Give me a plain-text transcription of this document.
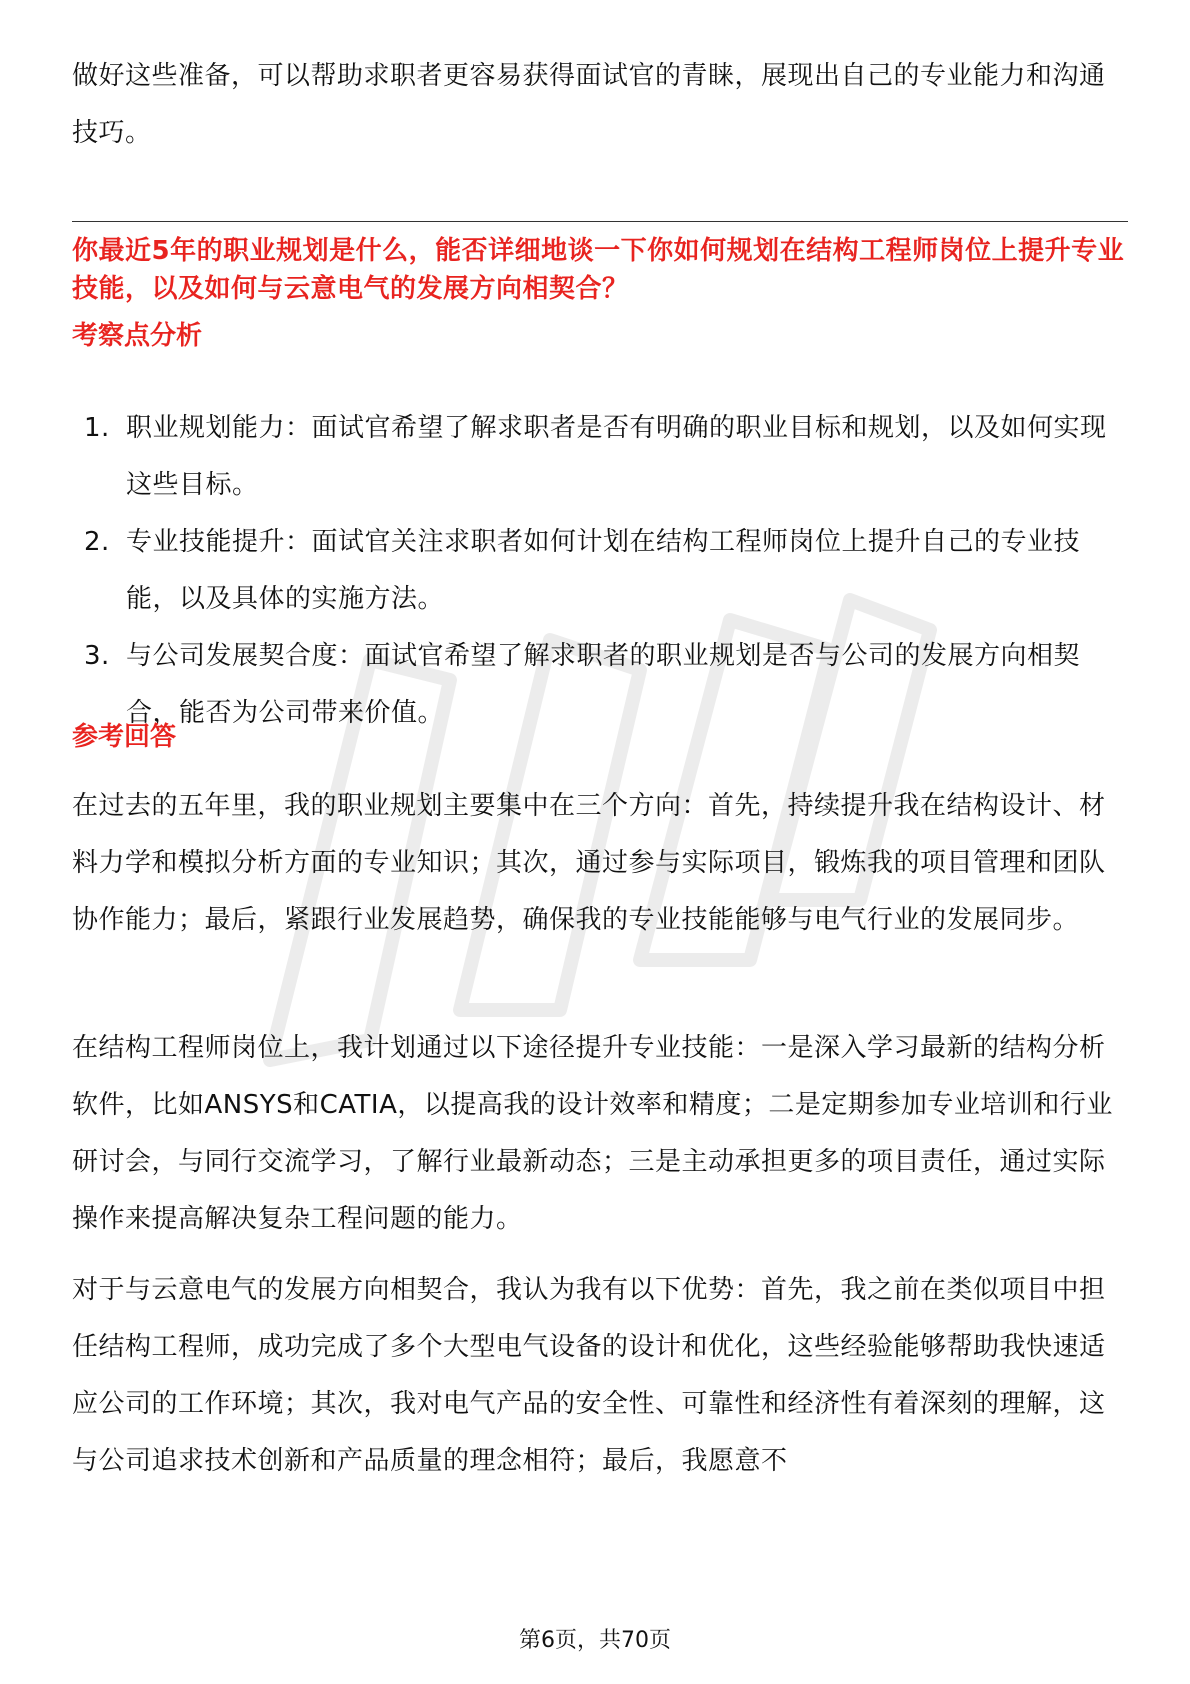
做好这些准备，可以帮助求职者更容易获得面试官的青睐，展现出自己的专业能力和沟通技巧。

你最近5年的职业规划是什么，能否详细地谈一下你如何规划在结构工程师岗位上提升专业技能，以及如何与云意电气的发展方向相契合？

考察点分析
1. 职业规划能力：面试官希望了解求职者是否有明确的职业目标和规划，以及如何实现这些目标。
2. 专业技能提升：面试官关注求职者如何计划在结构工程师岗位上提升自己的专业技能，以及具体的实施方法。
3. 与公司发展契合度：面试官希望了解求职者的职业规划是否与公司的发展方向相契合，能否为公司带来价值。
参考回答

在过去的五年里，我的职业规划主要集中在三个方向：首先，持续提升我在结构设计、材料力学和模拟分析方面的专业知识；其次，通过参与实际项目，锻炼我的项目管理和团队协作能力；最后，紧跟行业发展趋势，确保我的专业技能能够与电气行业的发展同步。

在结构工程师岗位上，我计划通过以下途径提升专业技能：一是深入学习最新的结构分析软件，比如ANSYS和CATIA，以提高我的设计效率和精度；二是定期参加专业培训和行业研讨会，与同行交流学习，了解行业最新动态；三是主动承担更多的项目责任，通过实际操作来提高解决复杂工程问题的能力。

对于与云意电气的发展方向相契合，我认为我有以下优势：首先，我之前在类似项目中担任结构工程师，成功完成了多个大型电气设备的设计和优化，这些经验能够帮助我快速适应公司的工作环境；其次，我对电气产品的安全性、可靠性和经济性有着深刻的理解，这与公司追求技术创新和产品质量的理念相符；最后，我愿意不

第6页，共70页
